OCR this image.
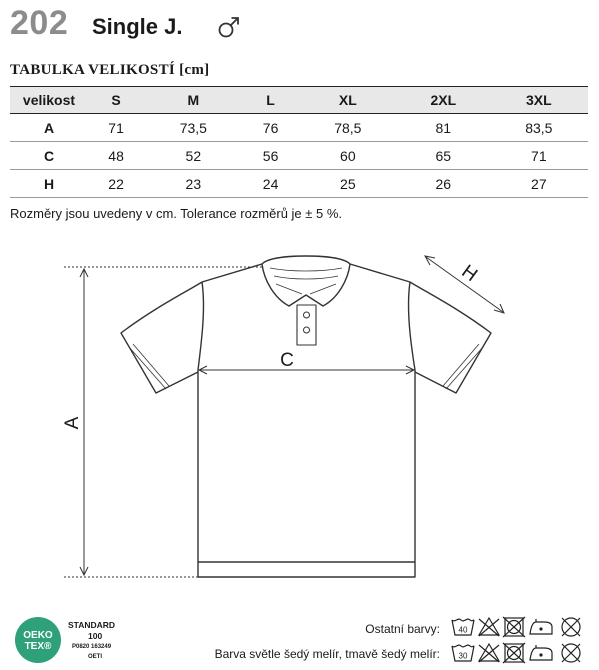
202 Single J.
TABULKA VELIKOSTÍ [cm]
velikost	S	M	L	XL	2XL	3XL
A	71	73,5	76	78,5	81	83,5
C	48	52	56	60	65	71
H	22	23	24	25	26	27
Rozměry jsou uvedeny v cm. Tolerance rozměrů je ± 5 %.
A
C
H
OEKO
TEX®
STANDARD
100
P0820 163249
OETI
Ostatní barvy:
Barva světle šedý melír, tmavě šedý melír:
40
30
